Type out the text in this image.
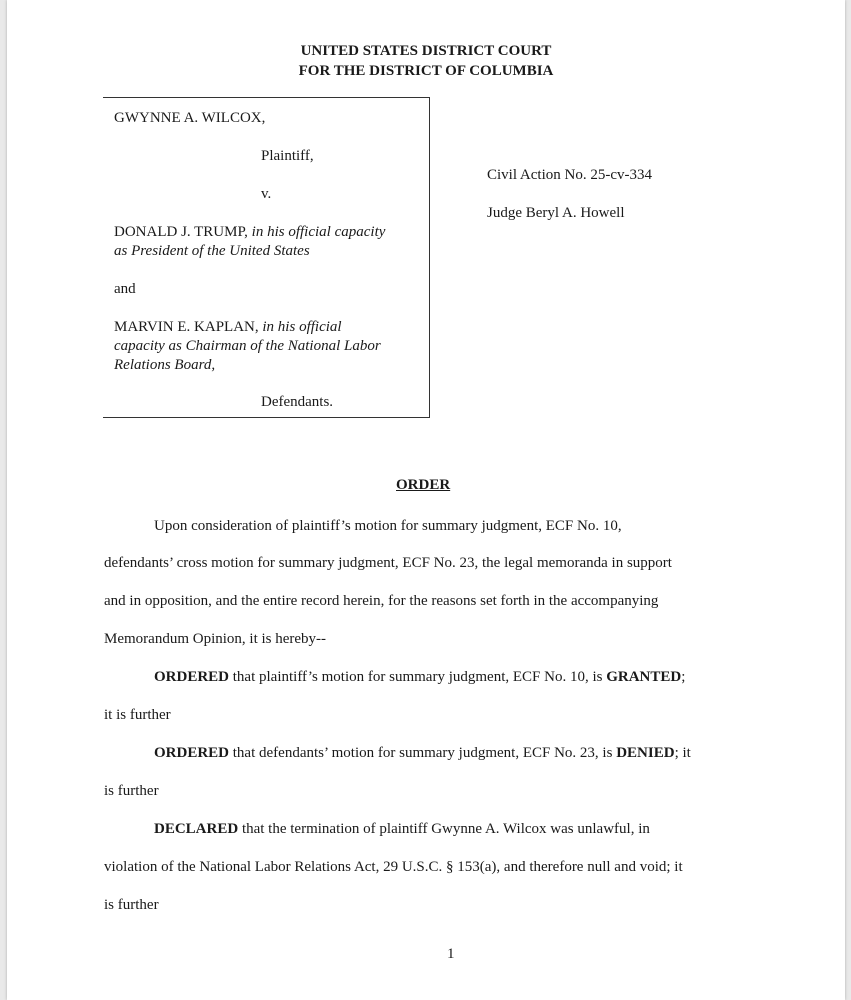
UNITED STATES DISTRICT COURT
FOR THE DISTRICT OF COLUMBIA
GWYNNE A. WILCOX,
Plaintiff,
v.
DONALD J. TRUMP, in his official capacity
as President of the United States
and
MARVIN E. KAPLAN, in his official
capacity as Chairman of the National Labor
Relations Board,
Defendants.
Civil Action No. 25-cv-334
Judge Beryl A. Howell
ORDER
Upon consideration of plaintiff’s motion for summary judgment, ECF No. 10,
defendants’ cross motion for summary judgment, ECF No. 23, the legal memoranda in support
and in opposition, and the entire record herein, for the reasons set forth in the accompanying
Memorandum Opinion, it is hereby--
ORDERED that plaintiff’s motion for summary judgment, ECF No. 10, is GRANTED;
it is further
ORDERED that defendants’ motion for summary judgment, ECF No. 23, is DENIED; it
is further
DECLARED that the termination of plaintiff Gwynne A. Wilcox was unlawful, in
violation of the National Labor Relations Act, 29 U.S.C. § 153(a), and therefore null and void; it
is further
1
